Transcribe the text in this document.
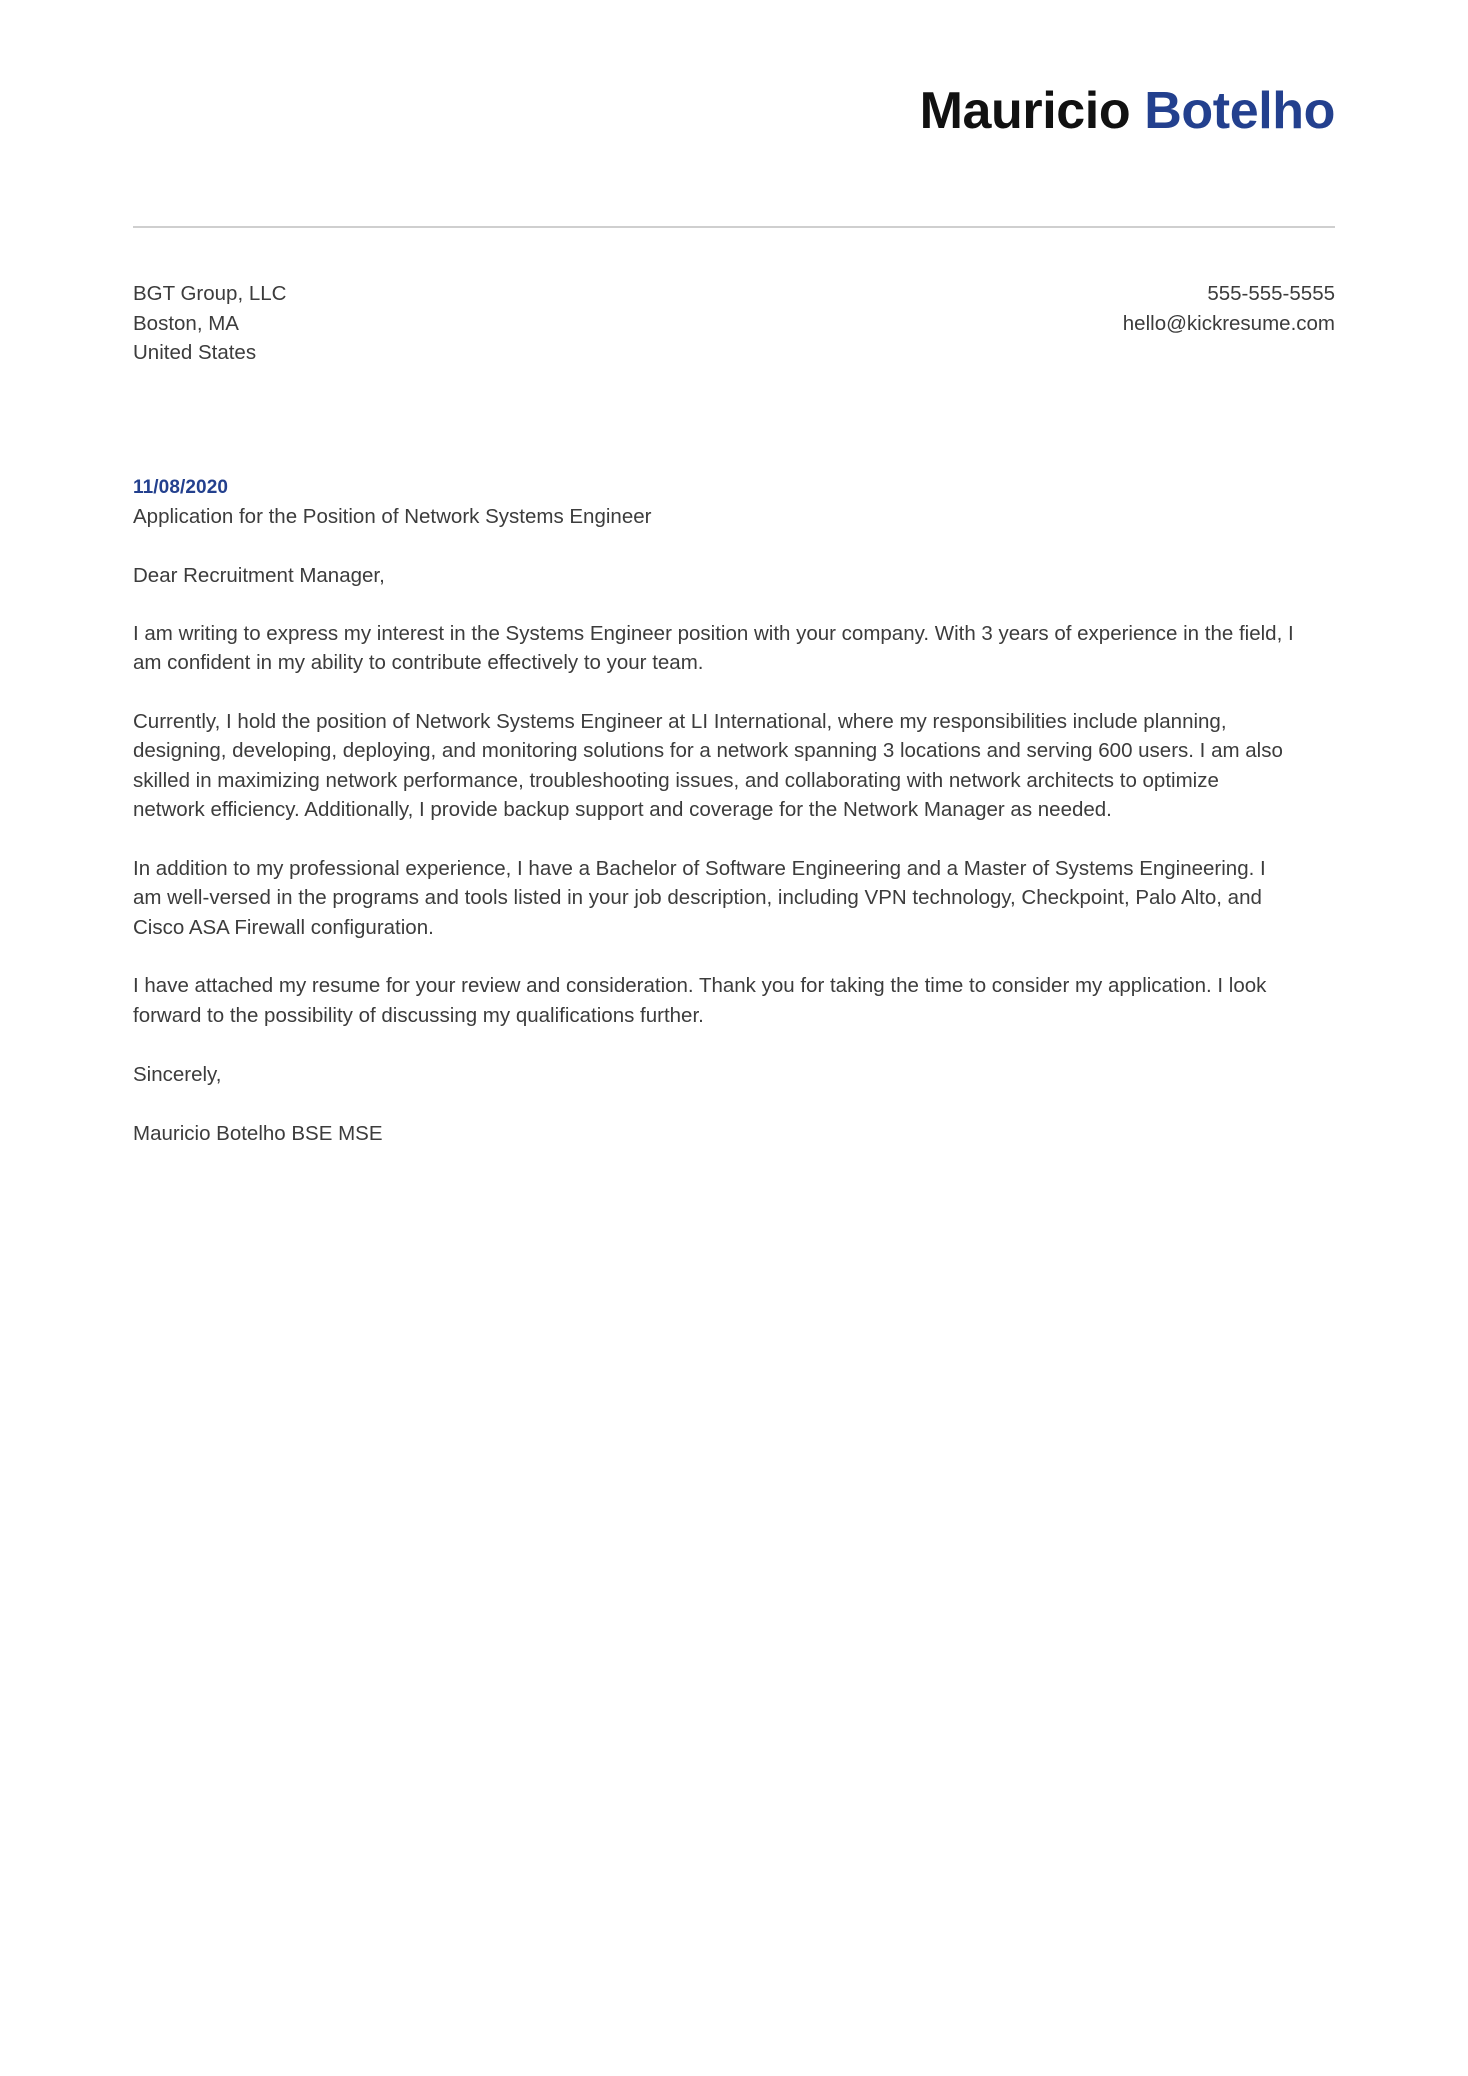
Mauricio Botelho
BGT Group, LLC
Boston, MA
United States
555-555-5555
hello@kickresume.com
11/08/2020
Application for the Position of Network Systems Engineer

Dear Recruitment Manager,

I am writing to express my interest in the Systems Engineer position with your company. With 3 years of experience in the field, I am confident in my ability to contribute effectively to your team.

Currently, I hold the position of Network Systems Engineer at LI International, where my responsibilities include planning, designing, developing, deploying, and monitoring solutions for a network spanning 3 locations and serving 600 users. I am also skilled in maximizing network performance, troubleshooting issues, and collaborating with network architects to optimize network efficiency. Additionally, I provide backup support and coverage for the Network Manager as needed.

In addition to my professional experience, I have a Bachelor of Software Engineering and a Master of Systems Engineering. I am well-versed in the programs and tools listed in your job description, including VPN technology, Checkpoint, Palo Alto, and Cisco ASA Firewall configuration.

I have attached my resume for your review and consideration. Thank you for taking the time to consider my application. I look forward to the possibility of discussing my qualifications further.

Sincerely,

Mauricio Botelho BSE MSE
